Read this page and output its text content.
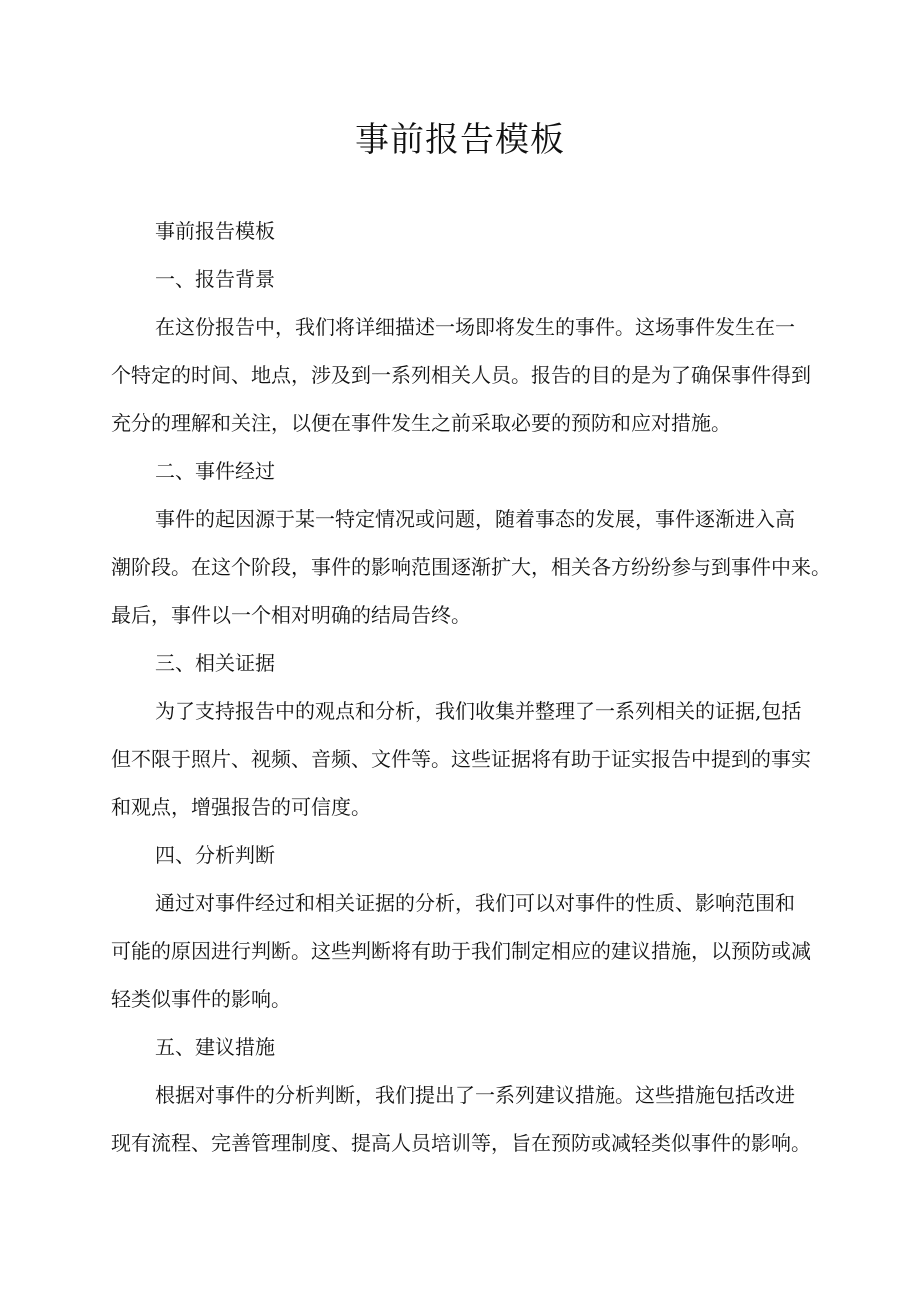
事前报告模板

事前报告模板

一、报告背景

在这份报告中，我们将详细描述一场即将发生的事件。这场事件发生在一

个特定的时间、地点，涉及到一系列相关人员。报告的目的是为了确保事件得到

充分的理解和关注，以便在事件发生之前采取必要的预防和应对措施。

二、事件经过

事件的起因源于某一特定情况或问题，随着事态的发展，事件逐渐进入高

潮阶段。在这个阶段，事件的影响范围逐渐扩大，相关各方纷纷参与到事件中来。

最后，事件以一个相对明确的结局告终。

三、相关证据

为了支持报告中的观点和分析，我们收集并整理了一系列相关的证据,包括

但不限于照片、视频、音频、文件等。这些证据将有助于证实报告中提到的事实

和观点，增强报告的可信度。

四、分析判断

通过对事件经过和相关证据的分析，我们可以对事件的性质、影响范围和

可能的原因进行判断。这些判断将有助于我们制定相应的建议措施，以预防或减

轻类似事件的影响。

五、建议措施

根据对事件的分析判断，我们提出了一系列建议措施。这些措施包括改进

现有流程、完善管理制度、提高人员培训等，旨在预防或减轻类似事件的影响。
